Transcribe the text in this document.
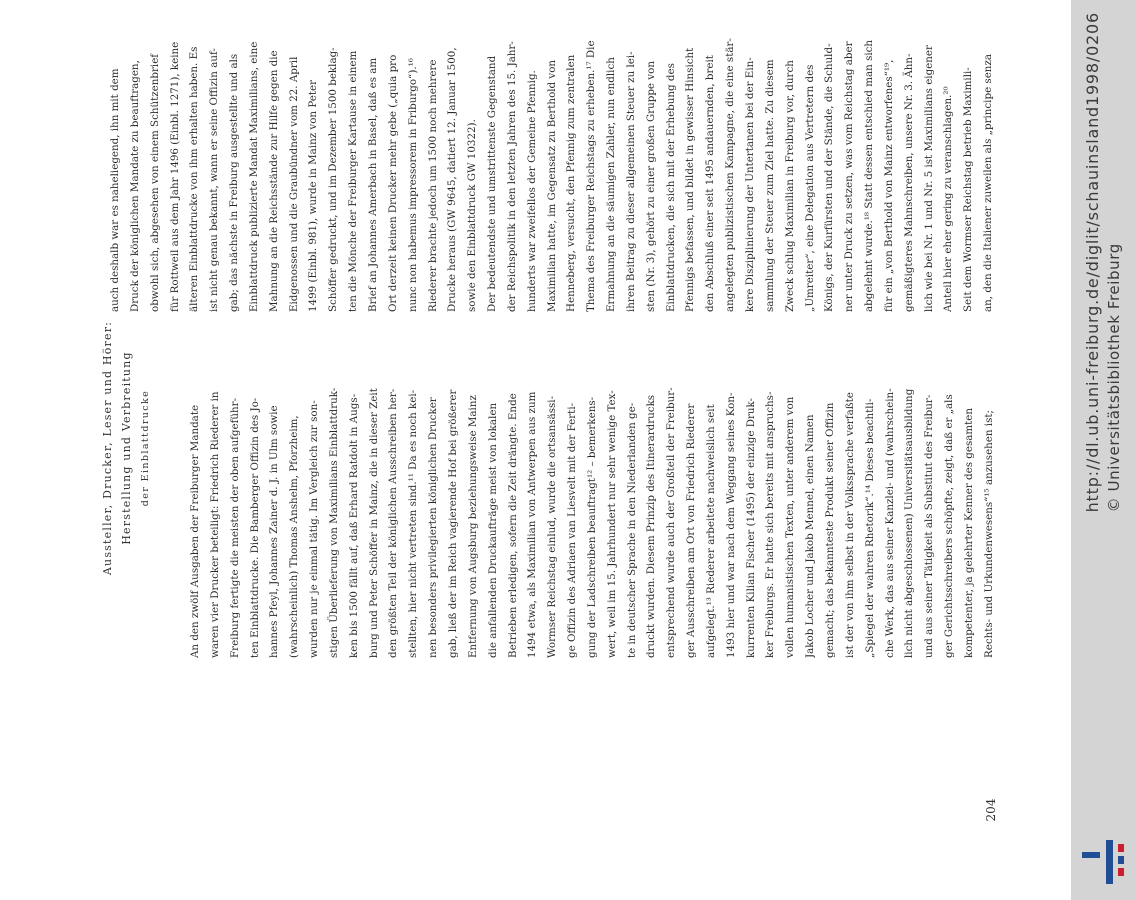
Aussteller, Drucker, Leser und Hörer: Herstellung und Verbreitung der Einblattdrucke	An den zwölf Ausgaben der Freiburger Mandate waren vier Drucker beteiligt: Friedrich Riederer in Freiburg fertigte die meisten der oben aufgeführ- ten Einblattdrucke. Die Bamberger Offizin des Jo- hannes Pfeyl, Johannes Zainer d. J. in Ulm sowie (wahrscheinlich) Thomas Anshelm, Pforzheim, wurden nur je einmal tätig. Im Vergleich zur son- stigen Überlieferung von Maximilians Einblattdruk- ken bis 1500 fällt auf, daß Erhard Ratdolt in Augs- burg und Peter Schöffer in Mainz, die in dieser Zeit den größten Teil der königlichen Ausschreiben her- stellten, hier nicht vertreten sind.¹¹ Da es noch kei- nen besonders privilegierten königlichen Drucker gab, ließ der im Reich vagierende Hof bei größerer Entfernung von Augsburg beziehungsweise Mainz die anfallenden Druckaufträge meist von lokalen Betrieben erledigen, sofern die Zeit drängte. Ende 1494 etwa, als Maximilian von Antwerpen aus zum Wormser Reichstag einlud, wurde die ortsansässi- ge Offizin des Adriaen van Liesvelt mit der Ferti- gung der Ladschreiben beauftragt¹² – bemerkens- wert, weil im 15. Jahrhundert nur sehr wenige Tex- te in deutscher Sprache in den Niederlanden ge- druckt wurden. Diesem Prinzip des Itinerardrucks entsprechend wurde auch der Großteil der Freibur- ger Ausschreiben am Ort von Friedrich Riederer aufgelegt.¹³ Riederer arbeitete nachweislich seit 1493 hier und war nach dem Weggang seines Kon- kurrenten Kilian Fischer (1495) der einzige Druk- ker Freiburgs. Er hatte sich bereits mit anspruchs- vollen humanistischen Texten, unter anderem von Jakob Locher und Jakob Mennel, einen Namen gemacht; das bekannteste Produkt seiner Offizin ist der von ihm selbst in der Volkssprache verfaßte „Spiegel der wahren Rhetorik“.¹⁴ Dieses beachtli- che Werk, das aus seiner Kanzlei- und (wahrschein- lich nicht abgeschlossenen) Universitätsausbildung und aus seiner Tätigkeit als Substitut des Freibur- ger Gerichtsschreibers schöpfte, zeigt, daß er „als kompetenter, ja gelehrter Kenner des gesamten Rechts- und Urkundenwesens“¹⁵ anzusehen ist;
auch deshalb war es naheliegend, ihn mit dem Druck der königlichen Mandate zu beauftragen, obwohl sich, abgesehen von einem Schützenbrief für Rottweil aus dem Jahr 1496 (Einbl. 1271), keine älteren Einblattdrucke von ihm erhalten haben. Es ist nicht genau bekannt, wann er seine Offizin auf- gab; das nächste in Freiburg ausgestellte und als Einblattdruck publizierte Mandat Maximilians, eine Mahnung an die Reichsstände zur Hilfe gegen die Eidgenossen und die Graubündner vom 22. April 1499 (Einbl. 981), wurde in Mainz von Peter Schöffer gedruckt, und im Dezember 1500 beklag- ten die Mönche der Freiburger Kartause in einem Brief an Johannes Amerbach in Basel, daß es am Ort derzeit keinen Drucker mehr gebe („quia pro nunc non habemus impressorem in Friburgo“).¹⁶ Riederer brachte jedoch um 1500 noch mehrere Drucke heraus (GW 9645, datiert 12. Januar 1500, sowie den Einblattdruck GW 10322). Der bedeutendste und umstrittenste Gegenstand der Reichspolitik in den letzten Jahren des 15. Jahr- hunderts war zweifellos der Gemeine Pfennig. Maximilian hatte, im Gegensatz zu Berthold von Henneberg, versucht, den Pfennig zum zentralen Thema des Freiburger Reichstags zu erheben.¹⁷ Die Ermahnung an die säumigen Zahler, nun endlich ihren Beitrag zu dieser allgemeinen Steuer zu lei- sten (Nr. 3), gehört zu einer großen Gruppe von Einblattdrucken, die sich mit der Erhebung des Pfennigs befassen, und bildet in gewisser Hinsicht den Abschluß einer seit 1495 andauernden, breit angelegten publizistischen Kampagne, die eine stär- kere Disziplinierung der Untertanen bei der Ein- sammlung der Steuer zum Ziel hatte. Zu diesem Zweck schlug Maximilian in Freiburg vor, durch „Umreiter“, eine Delegation aus Vertretern des Königs, der Kurfürsten und der Stände, die Schuld- ner unter Druck zu setzen, was vom Reichstag aber abgelehnt wurde.¹⁸ Statt dessen entschied man sich für ein „von Berthold von Mainz entworfenes“¹⁹, gemäßigteres Mahnschreiben, unsere Nr. 3. Ähn- lich wie bei Nr. 1 und Nr. 5 ist Maximilians eigener Anteil hier eher gering zu veranschlagen.²⁰ Seit dem Wormser Reichstag betrieb Maximili- an, den die Italiener zuweilen als „principe senza
204
http://dl.ub.uni-freiburg.de/diglit/schauinsland1998/0206 © Universitätsbibliothek Freiburg
